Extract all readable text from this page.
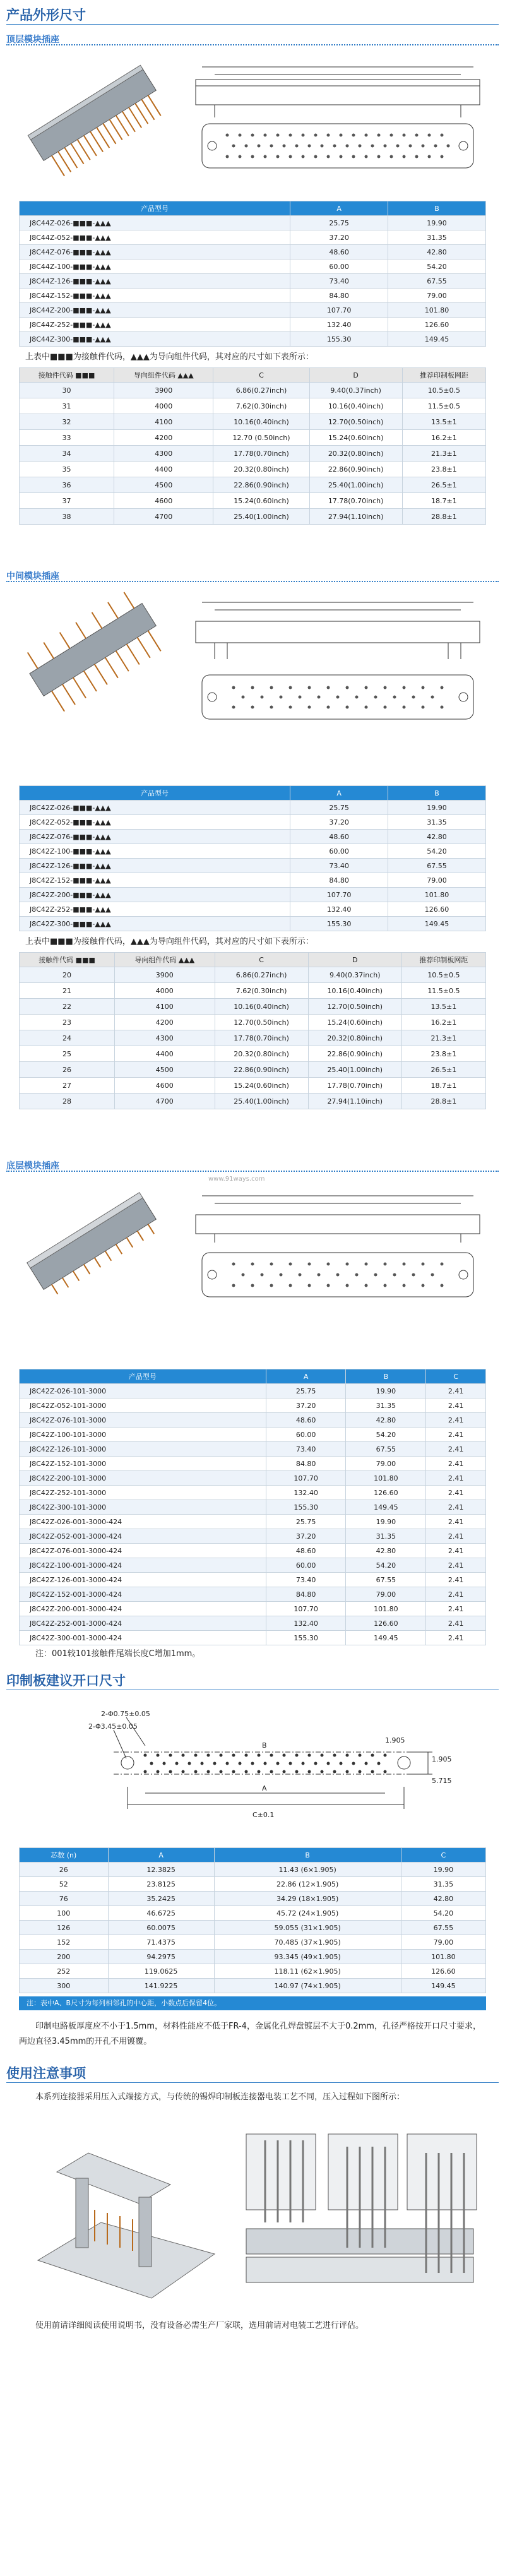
产品外形尺寸
顶层模块插座
产品型号	A	B
J8C44Z-026-■■■-▲▲▲	25.75	19.90
J8C44Z-052-■■■-▲▲▲	37.20	31.35
J8C44Z-076-■■■-▲▲▲	48.60	42.80
J8C44Z-100-■■■-▲▲▲	60.00	54.20
J8C44Z-126-■■■-▲▲▲	73.40	67.55
J8C44Z-152-■■■-▲▲▲	84.80	79.00
J8C44Z-200-■■■-▲▲▲	107.70	101.80
J8C44Z-252-■■■-▲▲▲	132.40	126.60
J8C44Z-300-■■■-▲▲▲	155.30	149.45
上表中■■■为接触件代码，▲▲▲为导向组件代码，其对应的尺寸如下表所示：
接触件代码 ■■■	导向组件代码 ▲▲▲	C	D	推荐印制板网距
30	3900	6.86(0.27inch)	9.40(0.37inch)	10.5±0.5
31	4000	7.62(0.30inch)	10.16(0.40inch)	11.5±0.5
32	4100	10.16(0.40inch)	12.70(0.50inch)	13.5±1
33	4200	12.70 (0.50inch)	15.24(0.60inch)	16.2±1
34	4300	17.78(0.70inch)	20.32(0.80inch)	21.3±1
35	4400	20.32(0.80inch)	22.86(0.90inch)	23.8±1
36	4500	22.86(0.90inch)	25.40(1.00inch)	26.5±1
37	4600	15.24(0.60inch)	17.78(0.70inch)	18.7±1
38	4700	25.40(1.00inch)	27.94(1.10inch)	28.8±1
中间模块插座
产品型号	A	B
J8C42Z-026-■■■-▲▲▲	25.75	19.90
J8C42Z-052-■■■-▲▲▲	37.20	31.35
J8C42Z-076-■■■-▲▲▲	48.60	42.80
J8C42Z-100-■■■-▲▲▲	60.00	54.20
J8C42Z-126-■■■-▲▲▲	73.40	67.55
J8C42Z-152-■■■-▲▲▲	84.80	79.00
J8C42Z-200-■■■-▲▲▲	107.70	101.80
J8C42Z-252-■■■-▲▲▲	132.40	126.60
J8C42Z-300-■■■-▲▲▲	155.30	149.45
上表中■■■为接触件代码，▲▲▲为导向组件代码，其对应的尺寸如下表所示：
接触件代码 ■■■	导向组件代码 ▲▲▲	C	D	推荐印制板网距
20	3900	6.86(0.27inch)	9.40(0.37inch)	10.5±0.5
21	4000	7.62(0.30inch)	10.16(0.40inch)	11.5±0.5
22	4100	10.16(0.40inch)	12.70(0.50inch)	13.5±1
23	4200	12.70(0.50inch)	15.24(0.60inch)	16.2±1
24	4300	17.78(0.70inch)	20.32(0.80inch)	21.3±1
25	4400	20.32(0.80inch)	22.86(0.90inch)	23.8±1
26	4500	22.86(0.90inch)	25.40(1.00inch)	26.5±1
27	4600	15.24(0.60inch)	17.78(0.70inch)	18.7±1
28	4700	25.40(1.00inch)	27.94(1.10inch)	28.8±1
底层模块插座
www.91ways.com
产品型号	A	B	C
J8C42Z-026-101-3000	25.75	19.90	2.41
J8C42Z-052-101-3000	37.20	31.35	2.41
J8C42Z-076-101-3000	48.60	42.80	2.41
J8C42Z-100-101-3000	60.00	54.20	2.41
J8C42Z-126-101-3000	73.40	67.55	2.41
J8C42Z-152-101-3000	84.80	79.00	2.41
J8C42Z-200-101-3000	107.70	101.80	2.41
J8C42Z-252-101-3000	132.40	126.60	2.41
J8C42Z-300-101-3000	155.30	149.45	2.41
J8C42Z-026-001-3000-424	25.75	19.90	2.41
J8C42Z-052-001-3000-424	37.20	31.35	2.41
J8C42Z-076-001-3000-424	48.60	42.80	2.41
J8C42Z-100-001-3000-424	60.00	54.20	2.41
J8C42Z-126-001-3000-424	73.40	67.55	2.41
J8C42Z-152-001-3000-424	84.80	79.00	2.41
J8C42Z-200-001-3000-424	107.70	101.80	2.41
J8C42Z-252-001-3000-424	132.40	126.60	2.41
J8C42Z-300-001-3000-424	155.30	149.45	2.41
注：001较101接触件尾端长度C增加1mm。
印制板建议开口尺寸
2-Φ0.75±0.05
2-Φ3.45±0.05
A
B
C±0.1
1.905
1.905
5.715
芯数 (n)	A	B	C
26	12.3825	11.43 (6×1.905)	19.90
52	23.8125	22.86 (12×1.905)	31.35
76	35.2425	34.29 (18×1.905)	42.80
100	46.6725	45.72 (24×1.905)	54.20
126	60.0075	59.055 (31×1.905)	67.55
152	71.4375	70.485 (37×1.905)	79.00
200	94.2975	93.345 (49×1.905)	101.80
252	119.0625	118.11 (62×1.905)	126.60
300	141.9225	140.97 (74×1.905)	149.45
注：表中A、B尺寸为每列相邻孔的中心距，小数点后保留4位。
印制电路板厚度应不小于1.5mm，材料性能应不低于FR-4，金属化孔焊盘镀层不大于0.2mm，孔径严格按开口尺寸要求，两边直径3.45mm的开孔不用镀覆。
使用注意事项
本系列连接器采用压入式端接方式，与传统的锡焊印制板连接器电装工艺不同，压入过程如下图所示：
使用前请详细阅读使用说明书，没有设备必需生产厂家联，选用前请对电装工艺进行评估。
